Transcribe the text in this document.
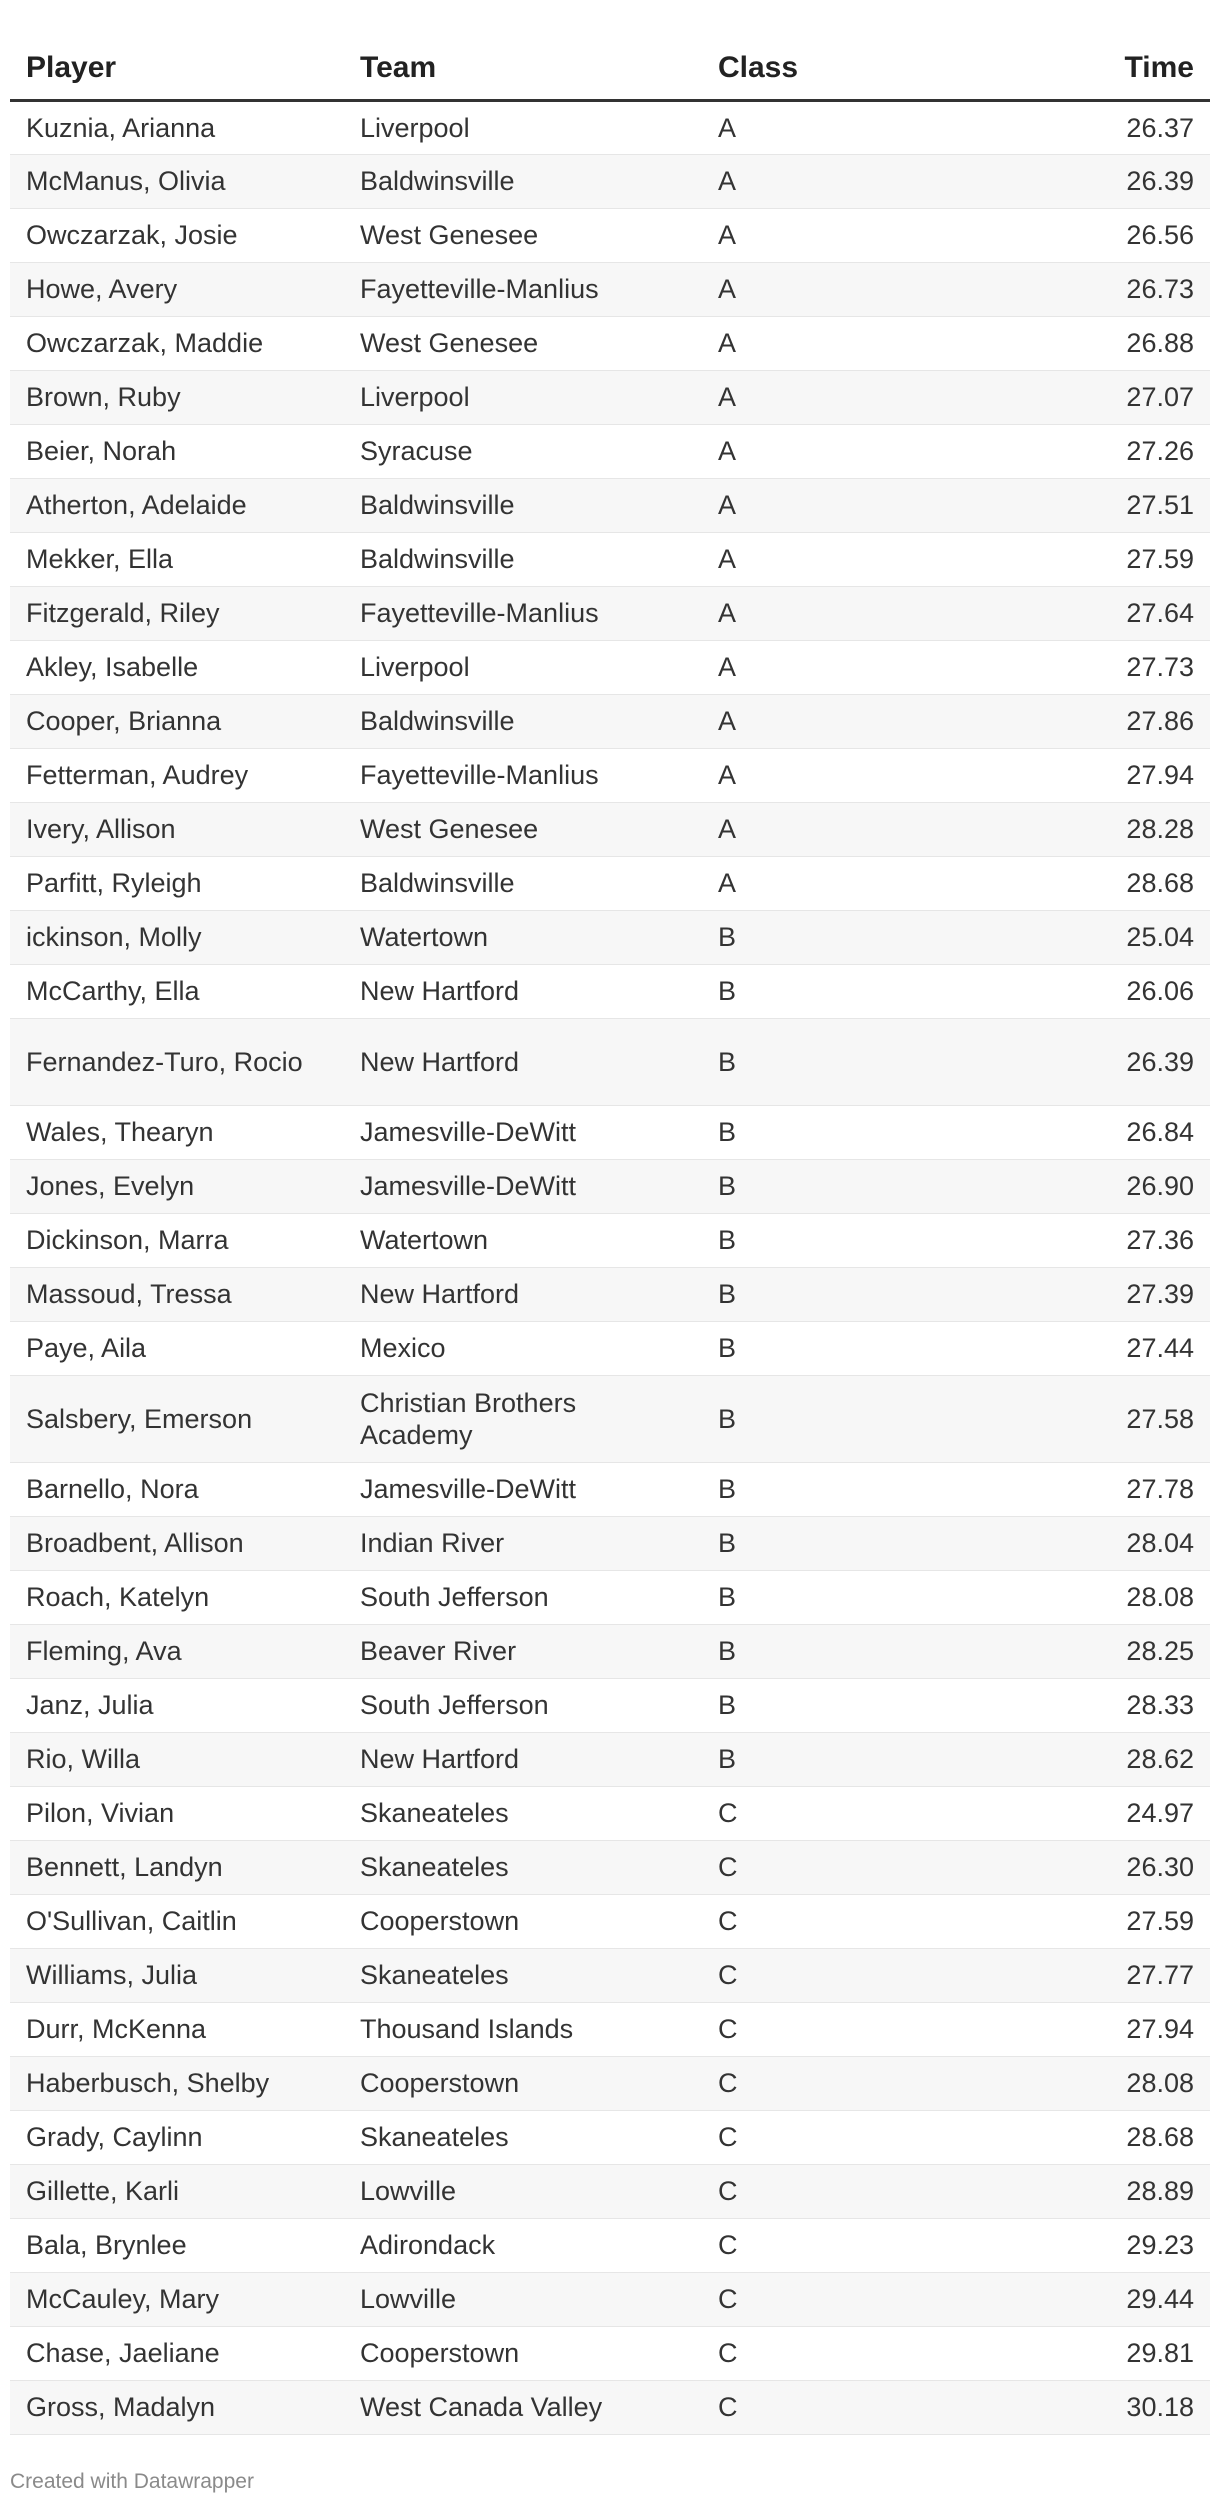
Player	Team	Class	Time
Kuznia, Arianna	Liverpool	A	26.37
McManus, Olivia	Baldwinsville	A	26.39
Owczarzak, Josie	West Genesee	A	26.56
Howe, Avery	Fayetteville-Manlius	A	26.73
Owczarzak, Maddie	West Genesee	A	26.88
Brown, Ruby	Liverpool	A	27.07
Beier, Norah	Syracuse	A	27.26
Atherton, Adelaide	Baldwinsville	A	27.51
Mekker, Ella	Baldwinsville	A	27.59
Fitzgerald, Riley	Fayetteville-Manlius	A	27.64
Akley, Isabelle	Liverpool	A	27.73
Cooper, Brianna	Baldwinsville	A	27.86
Fetterman, Audrey	Fayetteville-Manlius	A	27.94
Ivery, Allison	West Genesee	A	28.28
Parfitt, Ryleigh	Baldwinsville	A	28.68
ickinson, Molly	Watertown	B	25.04
McCarthy, Ella	New Hartford	B	26.06
Fernandez-Turo, Rocio	New Hartford	B	26.39
Wales, Thearyn	Jamesville-DeWitt	B	26.84
Jones, Evelyn	Jamesville-DeWitt	B	26.90
Dickinson, Marra	Watertown	B	27.36
Massoud, Tressa	New Hartford	B	27.39
Paye, Aila	Mexico	B	27.44
Salsbery, Emerson	Christian Brothers Academy	B	27.58
Barnello, Nora	Jamesville-DeWitt	B	27.78
Broadbent, Allison	Indian River	B	28.04
Roach, Katelyn	South Jefferson	B	28.08
Fleming, Ava	Beaver River	B	28.25
Janz, Julia	South Jefferson	B	28.33
Rio, Willa	New Hartford	B	28.62
Pilon, Vivian	Skaneateles	C	24.97
Bennett, Landyn	Skaneateles	C	26.30
O'Sullivan, Caitlin	Cooperstown	C	27.59
Williams, Julia	Skaneateles	C	27.77
Durr, McKenna	Thousand Islands	C	27.94
Haberbusch, Shelby	Cooperstown	C	28.08
Grady, Caylinn	Skaneateles	C	28.68
Gillette, Karli	Lowville	C	28.89
Bala, Brynlee	Adirondack	C	29.23
McCauley, Mary	Lowville	C	29.44
Chase, Jaeliane	Cooperstown	C	29.81
Gross, Madalyn	West Canada Valley	C	30.18
Created with Datawrapper
